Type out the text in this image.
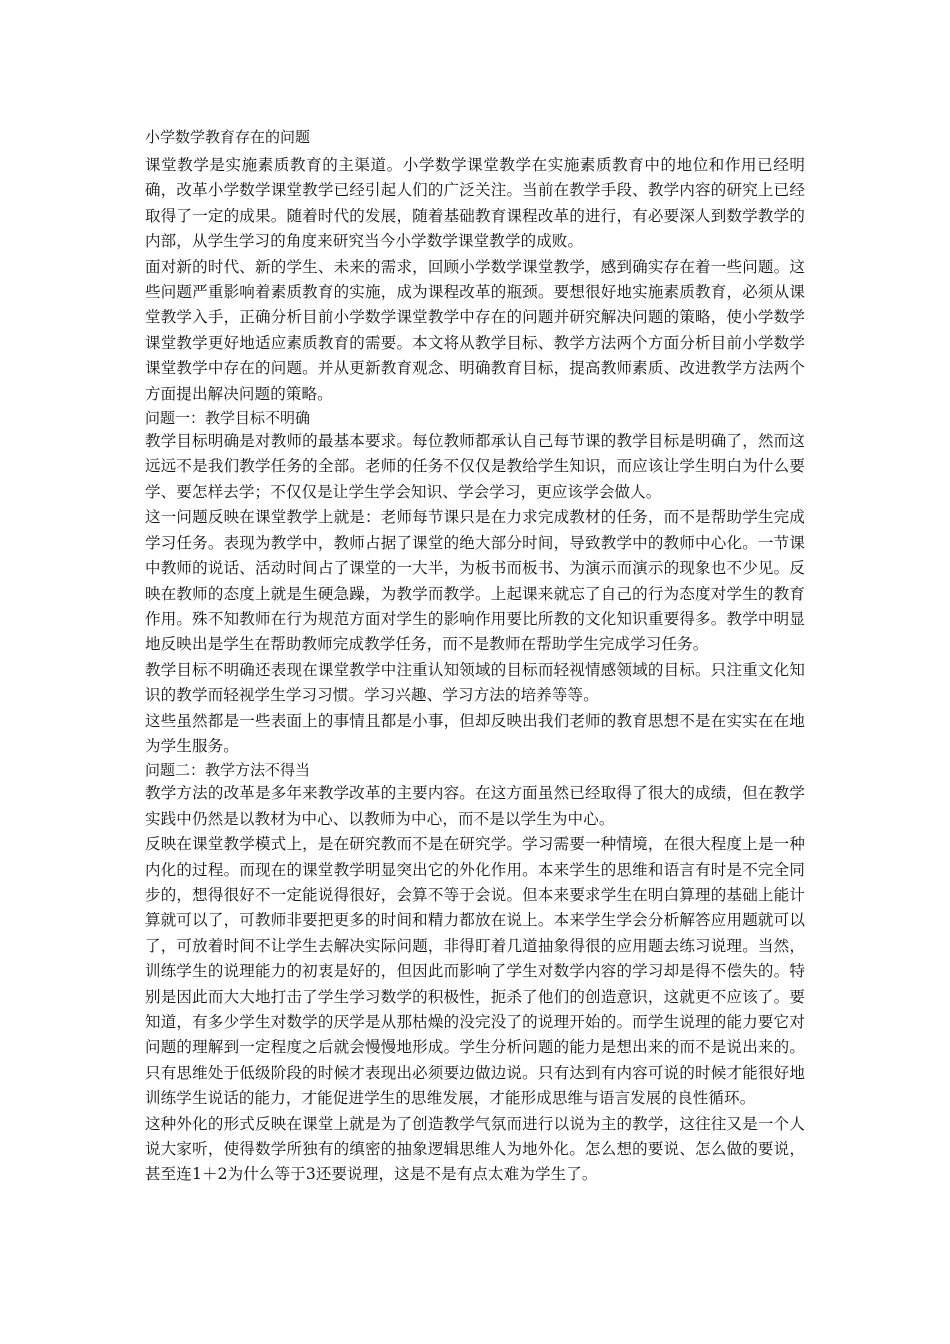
小学数学教育存在的问题

课堂教学是实施素质教育的主渠道。小学数学课堂教学在实施素质教育中的地位和作用已经明确，改革小学数学课堂教学已经引起人们的广泛关注。当前在教学手段、教学内容的研究上已经取得了一定的成果。随着时代的发展，随着基础教育课程改革的进行，有必要深人到数学教学的内部，从学生学习的角度来研究当今小学数学课堂教学的成败。

面对新的时代、新的学生、未来的需求，回顾小学数学课堂教学，感到确实存在着一些问题。这些问题严重影响着素质教育的实施，成为课程改革的瓶颈。要想很好地实施素质教育，必须从课堂教学入手，正确分析目前小学数学课堂教学中存在的问题并研究解决问题的策略，使小学数学课堂教学更好地适应素质教育的需要。本文将从教学目标、教学方法两个方面分析目前小学数学课堂教学中存在的问题。并从更新教育观念、明确教育目标，提高教师素质、改进教学方法两个方面提出解决问题的策略。

问题一：教学目标不明确

教学目标明确是对教师的最基本要求。每位教师都承认自己每节课的教学目标是明确了，然而这远远不是我们教学任务的全部。老师的任务不仅仅是教给学生知识，而应该让学生明白为什么要学、要怎样去学；不仅仅是让学生学会知识、学会学习，更应该学会做人。

这一问题反映在课堂教学上就是：老师每节课只是在力求完成教材的任务，而不是帮助学生完成学习任务。表现为教学中，教师占据了课堂的绝大部分时间，导致教学中的教师中心化。一节课中教师的说话、活动时间占了课堂的一大半，为板书而板书、为演示而演示的现象也不少见。反映在教师的态度上就是生硬急躁，为教学而教学。上起课来就忘了自己的行为态度对学生的教育作用。殊不知教师在行为规范方面对学生的影响作用要比所教的文化知识重要得多。教学中明显地反映出是学生在帮助教师完成教学任务，而不是教师在帮助学生完成学习任务。

教学目标不明确还表现在课堂教学中注重认知领域的目标而轻视情感领域的目标。只注重文化知识的教学而轻视学生学习习惯。学习兴趣、学习方法的培养等等。

这些虽然都是一些表面上的事情且都是小事，但却反映出我们老师的教育思想不是在实实在在地为学生服务。

问题二：教学方法不得当

教学方法的改革是多年来教学改革的主要内容。在这方面虽然已经取得了很大的成绩，但在教学实践中仍然是以教材为中心、以教师为中心，而不是以学生为中心。

反映在课堂教学模式上，是在研究教而不是在研究学。学习需要一种情境，在很大程度上是一种内化的过程。而现在的课堂教学明显突出它的外化作用。本来学生的思维和语言有时是不完全同步的，想得很好不一定能说得很好，会算不等于会说。但本来要求学生在明白算理的基础上能计算就可以了，可教师非要把更多的时间和精力都放在说上。本来学生学会分析解答应用题就可以了，可放着时间不让学生去解决实际问题，非得盯着几道抽象得很的应用题去练习说理。当然，训练学生的说理能力的初衷是好的，但因此而影响了学生对数学内容的学习却是得不偿失的。特别是因此而大大地打击了学生学习数学的积极性，扼杀了他们的创造意识，这就更不应该了。要知道，有多少学生对数学的厌学是从那枯燥的没完没了的说理开始的。而学生说理的能力要它对问题的理解到一定程度之后就会慢慢地形成。学生分析问题的能力是想出来的而不是说出来的。只有思维处于低级阶段的时候才表现出必须要边做边说。只有达到有内容可说的时候才能很好地训练学生说话的能力，才能促进学生的思维发展，才能形成思维与语言发展的良性循环。

这种外化的形式反映在课堂上就是为了创造教学气氛而进行以说为主的教学，这往往又是一个人说大家听，使得数学所独有的缜密的抽象逻辑思维人为地外化。怎么想的要说、怎么做的要说，甚至连1＋2为什么等于3还要说理，这是不是有点太难为学生了。
